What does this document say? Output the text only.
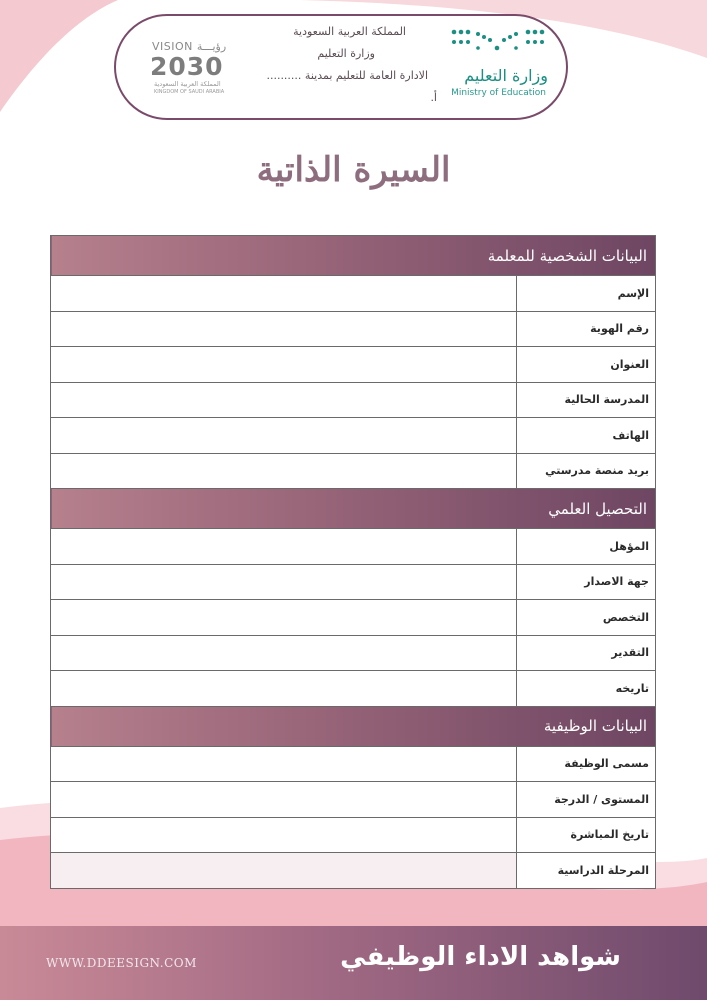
VISION رؤيـــة
2030
المملكة العربية السعودية
KINGDOM OF SAUDI ARABIA
المملكة العربية السعودية
وزارة التعليم
الادارة العامة للتعليم بمدينة ..........
أ.
وزارة التعليم
Ministry of Education
السيرة الذاتية
البيانات الشخصية للمعلمة	
	الإسم
	رقم الهوية
	العنوان
	المدرسة الحالية
	الهاتف
	بريد منصة مدرستي
التحصيل العلمي	
	المؤهل
	جهة الاصدار
	التخصص
	التقدير
	تاريخه
البيانات الوظيفية	
	مسمى الوظيفة
	المستوى / الدرجة
	تاريخ المباشرة
	المرحلة الدراسية
WWW.DDEESIGN.COM	شواهد الاداء الوظيفي
